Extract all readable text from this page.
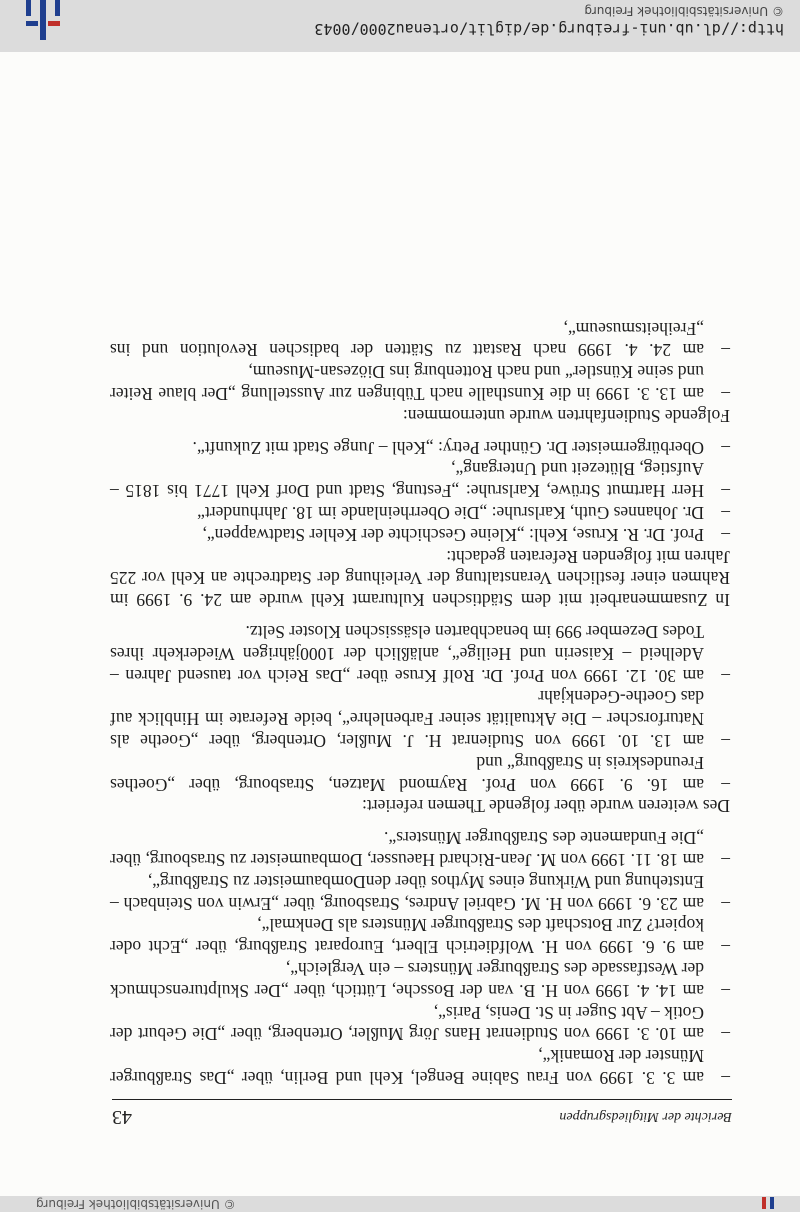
© Universitätsbibliothek Freiburg
Berichte der Mitgliedsgruppen
43
–
am 3. 3. 1999 von Frau Sabine Bengel, Kehl und Berlin, über „Das Straßburger Münster der Romanik“,
–
am 10. 3. 1999 von Studienrat Hans Jörg Mußler, Ortenberg, über „Die Geburt der Gotik – Abt Suger in St. Denis, Paris“,
–
am 14. 4. 1999 von H. B. van der Bossche, Lüttich, über „Der Skulpturenschmuck der Westfassade des Straßburger Münsters – ein Vergleich“,
–
am 9. 6. 1999 von H. Wolfdietrich Elbert, Europarat Straßburg, über „Echt oder kopiert? Zur Botschaft des Straßburger Münsters als Denkmal“,
–
am 23. 6. 1999 von H. M. Gabriel Andres, Strasbourg, über „Erwin von Steinbach – Entstehung und Wirkung eines Mythos über denDombaumeister zu Straßburg“,
–
am 18. 11. 1999 von M. Jean-Richard Haeusser, Dombaumeister zu Strasbourg, über „Die Fundamente des Straßburger Münsters“.

Des weiteren wurde über folgende Themen referiert:

–
am 16. 9. 1999 von Prof. Raymond Matzen, Strasbourg, über „Goethes Freundeskreis in Straßburg“ und
–
am 13. 10. 1999 von Studienrat H. J. Mußler, Ortenberg, über „Goethe als Naturforscher – Die Aktualität seiner Farbenlehre“, beide Referate im Hinblick auf das Goethe-Gedenkjahr
–
am 30. 12. 1999 von Prof. Dr. Rolf Kruse über „Das Reich vor tausend Jahren – Adelheid – Kaiserin und Heilige“, anläßlich der 1000jährigen Wiederkehr ihres Todes Dezember 999 im benachbarten elsässischen Kloster Seltz.

In Zusammenarbeit mit dem Städtischen Kulturamt Kehl wurde am 24. 9. 1999 im Rahmen einer festlichen Veranstaltung der Verleihung der Stadtrechte an Kehl vor 225 Jahren mit folgenden Referaten gedacht:

–
Prof. Dr. R. Kruse, Kehl: „Kleine Geschichte der Kehler Stadtwappen“,
–
Dr. Johannes Guth, Karlsruhe: „Die Oberrheinlande im 18. Jahrhundert“
–
Herr Hartmut Strüwe, Karlsruhe: „Festung, Stadt und Dorf Kehl 1771 bis 1815 – Aufstieg, Blütezeit und Untergang“,
–
Oberbürgermeister Dr. Günther Petry: „Kehl – Junge Stadt mit Zukunft“.

Folgende Studienfahrten wurde unternommen:

–
am 13. 3. 1999 in die Kunsthalle nach Tübingen zur Ausstellung „Der blaue Reiter und seine Künstler“ und nach Rottenburg ins Diözesan-Museum,
–
am 24. 4. 1999 nach Rastatt zu Stätten der badischen Revolution und ins „Freiheitsmuseum“,
http://dl.ub.uni-freiburg.de/diglit/ortenau2000/0043
© Universitätsbibliothek Freiburg
